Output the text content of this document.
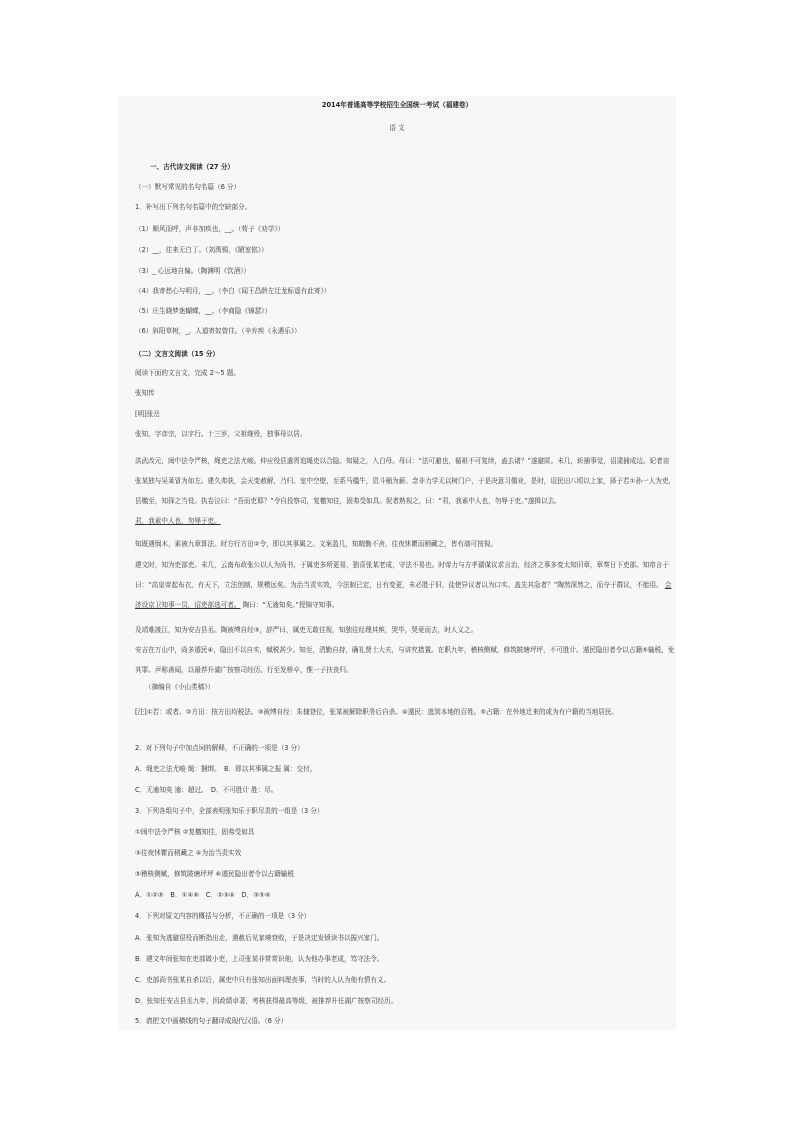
2014年普通高等学校招生全国统一考试（福建卷）
语 文
一、古代诗文阅读（27 分）
（一）默写常见的名句名篇（6 分）
1．补写出下列名句名篇中的空缺部分。
（1）顺风而呼，声非加疾也，__。（荀子《劝学》）
（2）__，往来无白丁。（刘禹锡，《陋室铭》）
（3）_ 心远地自偏。（陶渊明《饮酒》）
（4）我寄愁心与明月，__。（李白《闻王昌龄左迁龙标遥有此寄》）
（5）庄生晓梦迷蝴蝶，__。（李商隐《锦瑟》）
（6）斜阳草树，_，人道寄奴曾住。（辛弃疾《永遇乐》）
（二）文言文阅读（15 分）
阅读下面的文言文，完成 2～5 题。
张知传
[明]张岳
张知，字彦宗，以字行。十三岁，父祖继殁，独事母以居。
洪武改元，闽中法令严核，绳吏之法尤峻。仲应役县遣胥追绳吏以合隐。知疑之，入白母。母曰：“法可避也，循祖不可复续，盍去诸？”遂避匿。未几，斩捕事觉，诏逮捕成边。妃者亩张某独与吴莱冒为如左。建久弗获，会天变赦解，乃归。室中空壁，至系马槛牛，资斗桶为薪。念非力学无以树门户，于是决意习儒业，是时，诏民田八顷以上家，择子若①孙一人为吏，县檄至，知择之当役。执卷泣曰：“吾而吏耶？”令自投察司，复檄知往，固弗受如具。促者熟视之，曰：“君，我素中人也，勿辱于吏。”遂揖以去。
君，我素中人也，勿辱于吏。
知既遇悯木，素被九章算法。时方行方田②令，即以其事属之。文案盈几，知精勤不舍，往夜怵瞿而稍藏之，皆有端可按视。
建文时，知为吏部吏。未几，云南布政张公以人为尚书，于属吏多所更易，独喜张某老成，守法不易也。时帝力与方孝孺谋议求言治，经济之事多变太知旧章，章奏日下吏部。知帝言于曰：“高皇帝起布衣，有天下，立法创制，规模远矣。为治当责实效，今法制已定，日有变更，未必胜于旧，徒使异议者以为口实。盖先其急者？”陶然深然之，而夺于群议，不能用。 会济设京卫知事一员，诏吏部选可者。 陶曰：“无逾知矣。”授锦守知事。
及靖难渡江，知为安吉县丞。陶被缚自经③，辞严曰，属吏无敢往视，知独往经理其殡，哭毕，哭竟而去，时人义之。
安吉在万山中，尚多遁民④，隐田不以自实，赋税甚少。知至，清勤自持，确礼贤士大夫，与讲究措置。在职九年，稽核侧赋，修筑陂塘坪坪，不可胜计。遁民隐田者令以占籍⑤输税，免其罪。声称善闻，以最荐升湖广按察司经历。行至发桥卒，惟一子扶丧归。
（摘编自《小山类稿》）
[注]①若：或者。②方田：按方田均税法。③被缚自经：朱棣登位，张某被解除职务后自杀。④遁民：逃到本地的百姓。⑤占籍：在外地迁来的或为有户籍的当地居民。
2．对下列句子中加点词的解释，不正确的一项是（3 分）
A．绳吏之法尤峻 绳：捆绑。　B．即以其事属之报 属：交付。
C．无逾知矣 逾：超过。　D．不可胜计 胜：尽。
3．下列各组句子中，全部表明张知乐于职尽责的一组是（3 分）
①闽中法令严核 ②复檄知往，固弗受如具
③往夜怵瞿而稍藏之 ④为治当责实效
⑤稽核侧赋，修筑陂塘坪坪 ⑥遁民隐田者令以占籍输税
A．①②⑤　B．①④⑥　C．②③④　D．③⑤⑥
4．下列对原文内容的概括与分析，不正确的一项是（3 分）
A．张知为逃避很役而断指出走，遇赦后见家境衰败，于是决定发愤读书以振兴家门。
B．建文年间张知在吏部做小吏，上司张某非常赏识他，认为他办事老成，笃守法令。
C．吏部尚书张某自杀以后，属吏中只有张知出面料理丧事，当时的人认为他有情有义。
D．张知任安吉县丞九年，因政绩卓著，考核获得最高等级，被推荐升任湖广按察司经历。
5．请把文中画横线的句子翻译成现代汉语。（6 分）
